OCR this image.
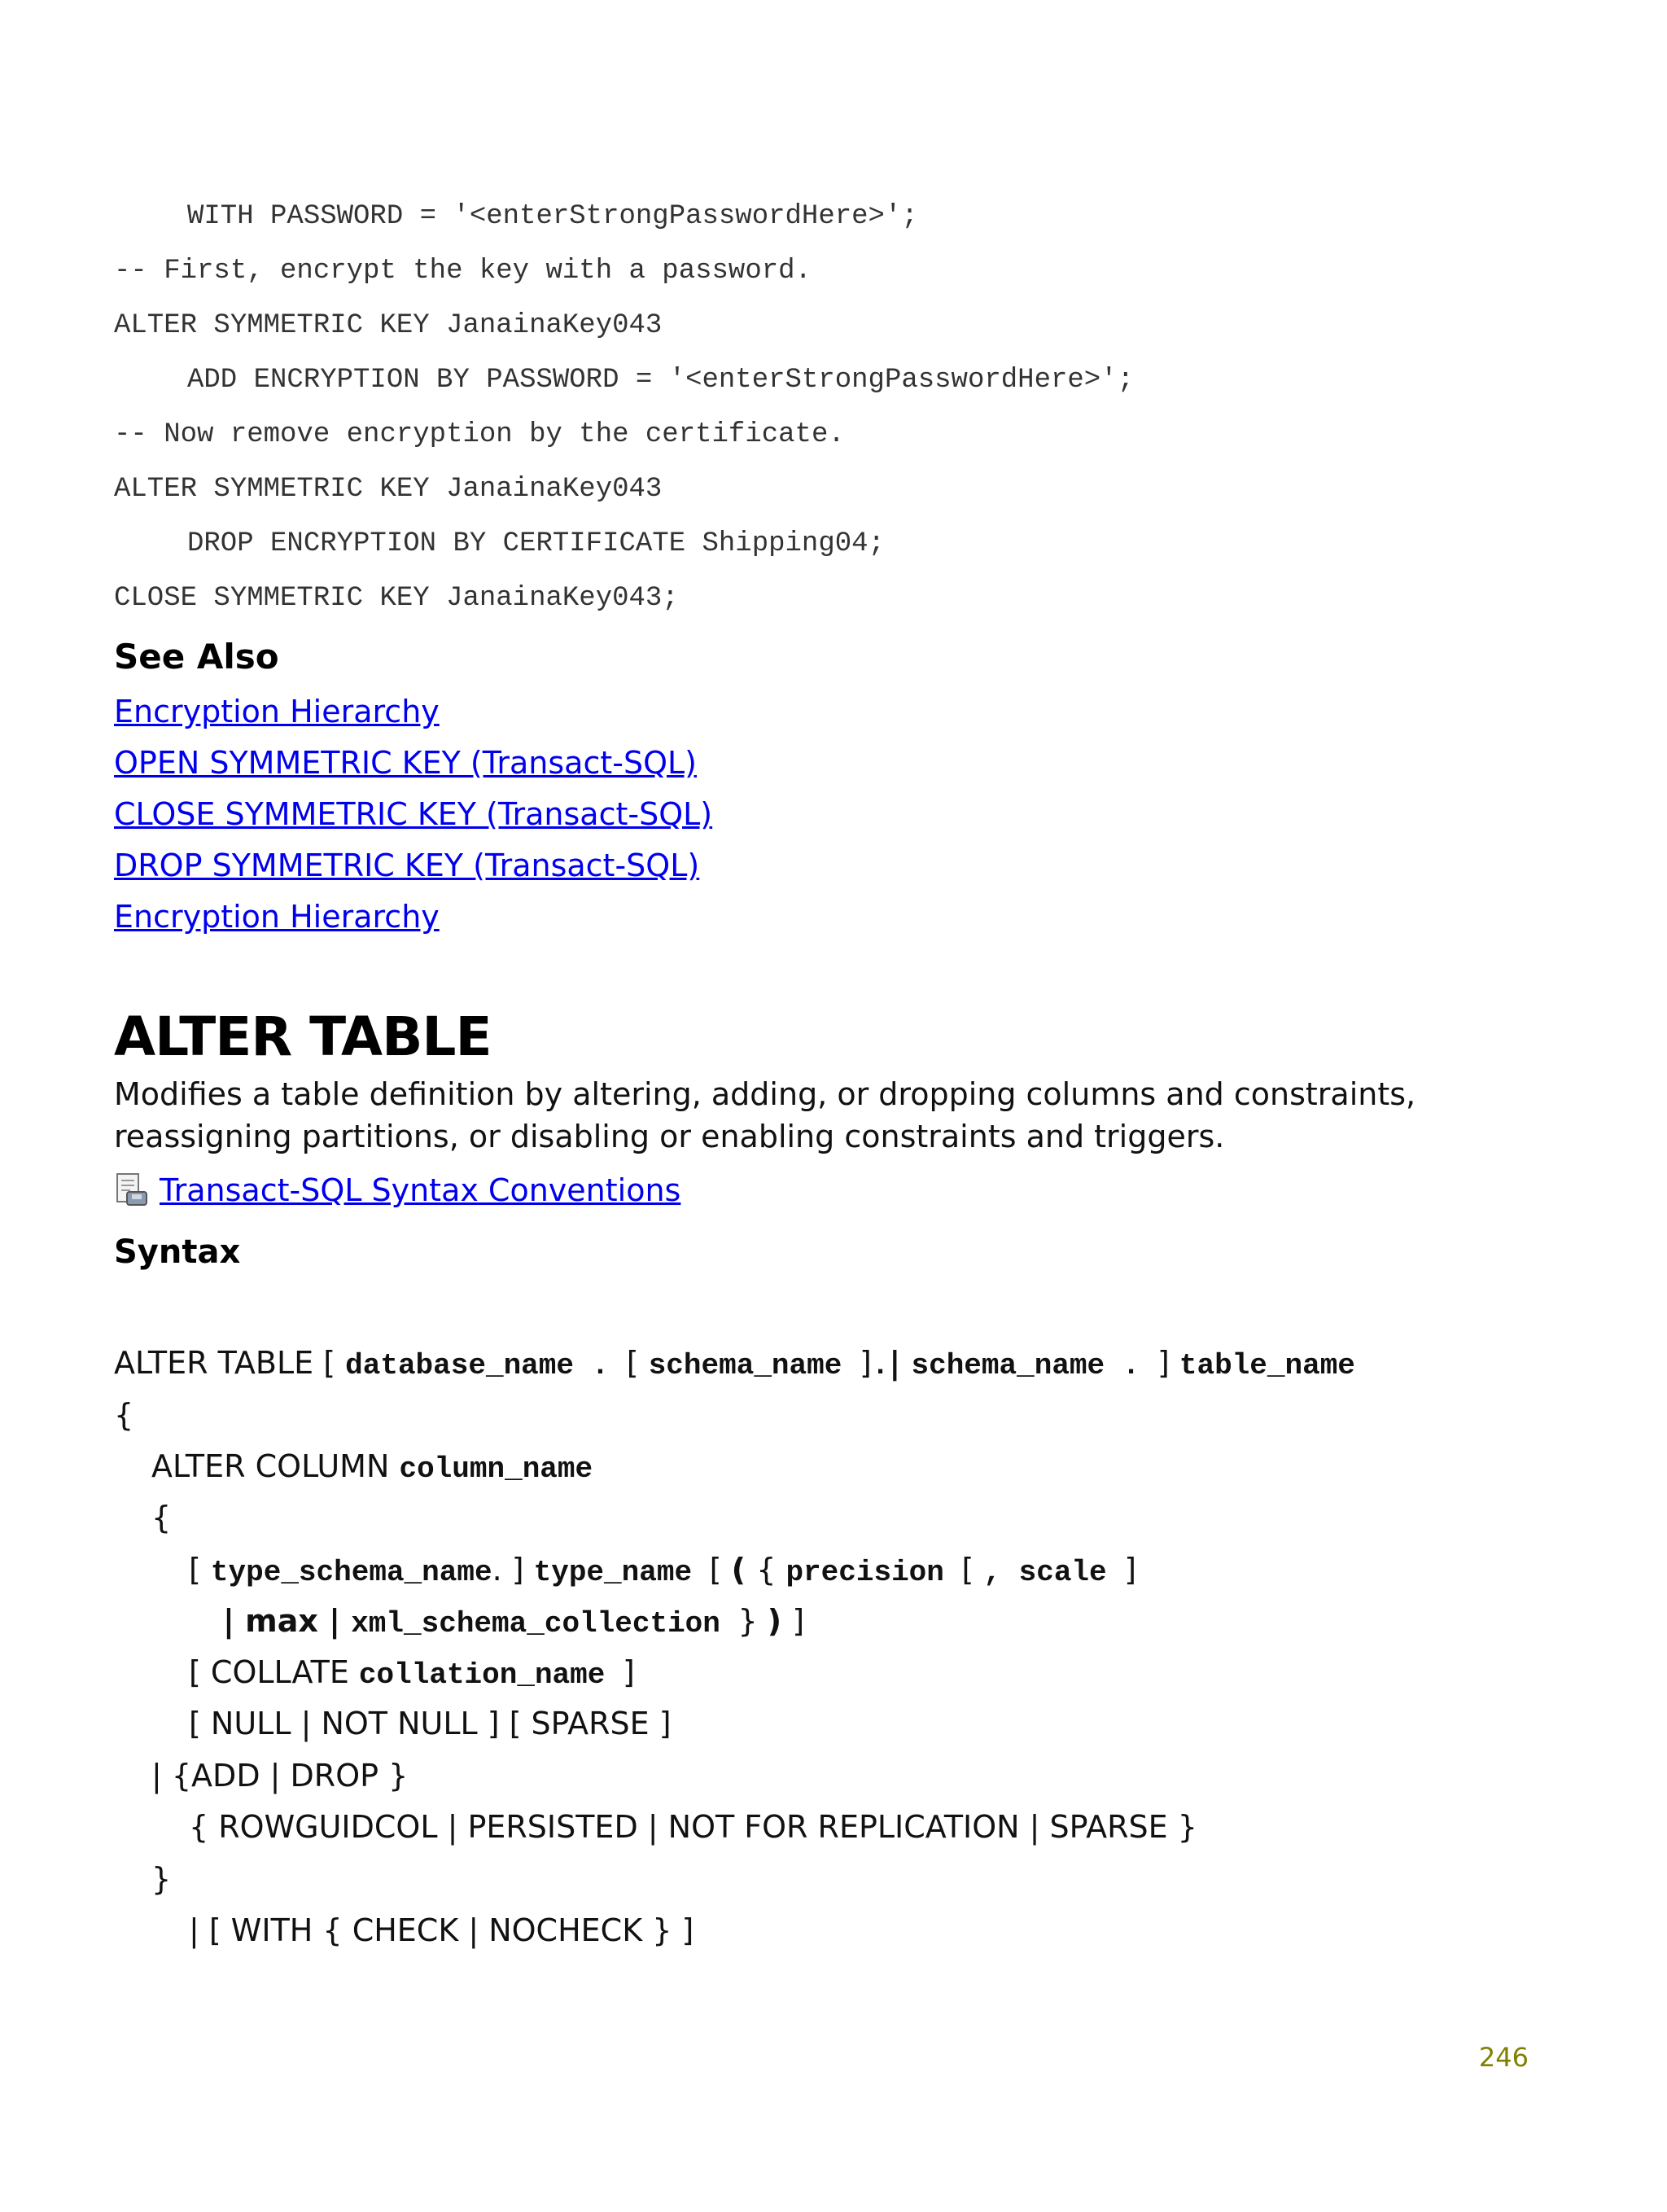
WITH PASSWORD = '<enterStrongPasswordHere>';
-- First, encrypt the key with a password.
ALTER SYMMETRIC KEY JanainaKey043
ADD ENCRYPTION BY PASSWORD = '<enterStrongPasswordHere>';
-- Now remove encryption by the certificate.
ALTER SYMMETRIC KEY JanainaKey043
DROP ENCRYPTION BY CERTIFICATE Shipping04;
CLOSE SYMMETRIC KEY JanainaKey043;
See Also
Encryption Hierarchy
OPEN SYMMETRIC KEY (Transact-SQL)
CLOSE SYMMETRIC KEY (Transact-SQL)
DROP SYMMETRIC KEY (Transact-SQL)
Encryption Hierarchy
ALTER TABLE

Modifies a table definition by altering, adding, or dropping columns and constraints, reassigning partitions, or disabling or enabling constraints and triggers.

Transact-SQL Syntax Conventions
Syntax
ALTER TABLE [ database_name . [ schema_name ].| schema_name . ] table_name
{
ALTER COLUMN column_name
{
[ type_schema_name. ] type_name [ ( { precision [ , scale ]
| max | xml_schema_collection } ) ]
[ COLLATE collation_name ]
[ NULL | NOT NULL ] [ SPARSE ]
| {ADD | DROP }
{ ROWGUIDCOL | PERSISTED | NOT FOR REPLICATION | SPARSE }
}
| [ WITH { CHECK | NOCHECK } ]
246
